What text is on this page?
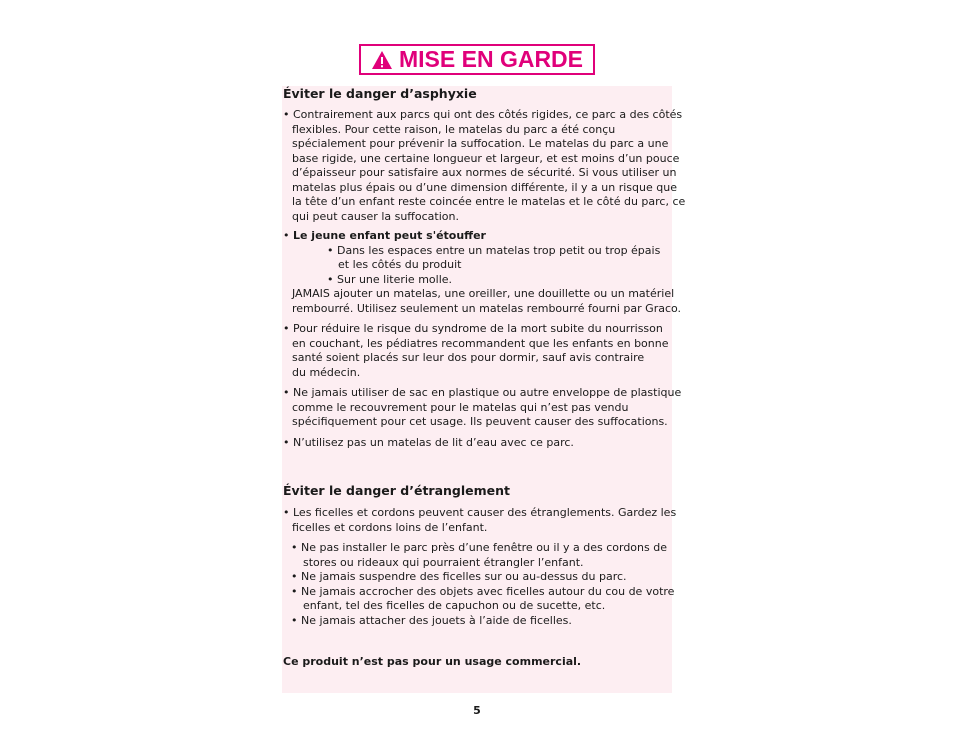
MISE EN GARDE
Éviter le danger d’asphyxie

• Contrairement aux parcs qui ont des côtés rigides, ce parc a des côtés

flexibles. Pour cette raison, le matelas du parc a été conçu

spécialement pour prévenir la suffocation. Le matelas du parc a une

base rigide, une certaine longueur et largeur, et est moins d’un pouce

d’épaisseur pour satisfaire aux normes de sécurité. Si vous utiliser un

matelas plus épais ou d’une dimension différente, il y a un risque que

la tête d’un enfant reste coincée entre le matelas et le côté du parc, ce

qui peut causer la suffocation.

• Le jeune enfant peut s'étouffer

• Dans les espaces entre un matelas trop petit ou trop épais

et les côtés du produit

• Sur une literie molle.

JAMAIS ajouter un matelas, une oreiller, une douillette ou un matériel

rembourré. Utilisez seulement un matelas rembourré fourni par Graco.

• Pour réduire le risque du syndrome de la mort subite du nourrisson

en couchant, les pédiatres recommandent que les enfants en bonne

santé soient placés sur leur dos pour dormir, sauf avis contraire

du médecin.

• Ne jamais utiliser de sac en plastique ou autre enveloppe de plastique

comme le recouvrement pour le matelas qui n’est pas vendu

spécifiquement pour cet usage. Ils peuvent causer des suffocations.

• N’utilisez pas un matelas de lit d’eau avec ce parc.

Éviter le danger d’étranglement

• Les ficelles et cordons peuvent causer des étranglements. Gardez les

ficelles et cordons loins de l’enfant.

• Ne pas installer le parc près d’une fenêtre ou il y a des cordons de

stores ou rideaux qui pourraient étrangler l’enfant.

• Ne jamais suspendre des ficelles sur ou au-dessus du parc.

• Ne jamais accrocher des objets avec ficelles autour du cou de votre

enfant, tel des ficelles de capuchon ou de sucette, etc.

• Ne jamais attacher des jouets à l’aide de ficelles.

Ce produit n’est pas pour un usage commercial.
5
